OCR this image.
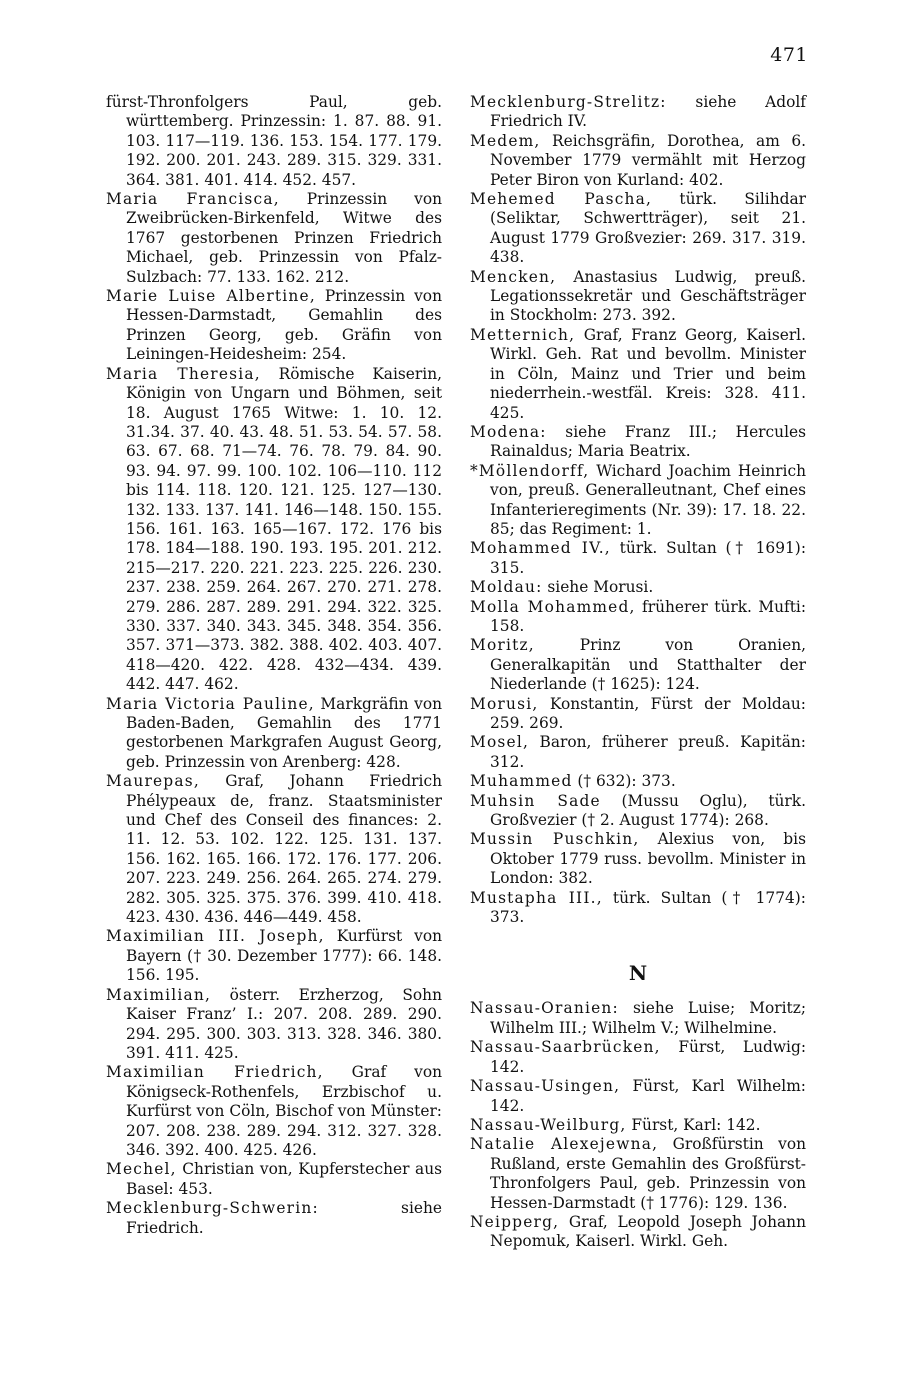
471

fürst-Thronfolgers Paul, geb. württemberg. Prinzessin: 1. 87. 88. 91. 103. 117—119. 136. 153. 154. 177. 179. 192. 200. 201. 243. 289. 315. 329. 331. 364. 381. 401. 414. 452. 457.

Maria Francisca, Prinzessin von Zweibrücken-Birkenfeld, Witwe des 1767 gestorbenen Prinzen Friedrich Michael, geb. Prinzessin von Pfalz-Sulzbach: 77. 133. 162. 212.

Marie Luise Albertine, Prinzessin von Hessen-Darmstadt, Gemahlin des Prinzen Georg, geb. Gräfin von Leiningen-Heidesheim: 254.

Maria Theresia, Römische Kaiserin, Königin von Ungarn und Böhmen, seit 18. August 1765 Witwe: 1. 10. 12. 31.34. 37. 40. 43. 48. 51. 53. 54. 57. 58. 63. 67. 68. 71—74. 76. 78. 79. 84. 90. 93. 94. 97. 99. 100. 102. 106—110. 112 bis 114. 118. 120. 121. 125. 127—130. 132. 133. 137. 141. 146—148. 150. 155. 156. 161. 163. 165—167. 172. 176 bis 178. 184—188. 190. 193. 195. 201. 212. 215—217. 220. 221. 223. 225. 226. 230. 237. 238. 259. 264. 267. 270. 271. 278. 279. 286. 287. 289. 291. 294. 322. 325. 330. 337. 340. 343. 345. 348. 354. 356. 357. 371—373. 382. 388. 402. 403. 407. 418—420. 422. 428. 432—434. 439. 442. 447. 462.

Maria Victoria Pauline, Markgräfin von Baden-Baden, Gemahlin des 1771 gestorbenen Markgrafen August Georg, geb. Prinzessin von Arenberg: 428.

Maurepas, Graf, Johann Friedrich Phélypeaux de, franz. Staatsminister und Chef des Conseil des finances: 2. 11. 12. 53. 102. 122. 125. 131. 137. 156. 162. 165. 166. 172. 176. 177. 206. 207. 223. 249. 256. 264. 265. 274. 279. 282. 305. 325. 375. 376. 399. 410. 418. 423. 430. 436. 446—449. 458.

Maximilian III. Joseph, Kurfürst von Bayern († 30. Dezember 1777): 66. 148. 156. 195.

Maximilian, österr. Erzherzog, Sohn Kaiser Franz’ I.: 207. 208. 289. 290. 294. 295. 300. 303. 313. 328. 346. 380. 391. 411. 425.

Maximilian Friedrich, Graf von Königseck-Rothenfels, Erzbischof u. Kurfürst von Cöln, Bischof von Münster: 207. 208. 238. 289. 294. 312. 327. 328. 346. 392. 400. 425. 426.

Mechel, Christian von, Kupferstecher aus Basel: 453.

Mecklenburg-Schwerin: siehe Friedrich.

Mecklenburg-Strelitz: siehe Adolf Friedrich IV.

Medem, Reichsgräfin, Dorothea, am 6. November 1779 vermählt mit Herzog Peter Biron von Kurland: 402.

Mehemed Pascha, türk. Silihdar (Seliktar, Schwertträger), seit 21. August 1779 Großvezier: 269. 317. 319. 438.

Mencken, Anastasius Ludwig, preuß. Legationssekretär und Geschäftsträger in Stockholm: 273. 392.

Metternich, Graf, Franz Georg, Kaiserl. Wirkl. Geh. Rat und bevollm. Minister in Cöln, Mainz und Trier und beim niederrhein.-westfäl. Kreis: 328. 411. 425.

Modena: siehe Franz III.; Hercules Rainaldus; Maria Beatrix.

*Möllendorff, Wichard Joachim Heinrich von, preuß. Generalleutnant, Chef eines Infanterieregiments (Nr. 39): 17. 18. 22. 85; das Regiment: 1.

Mohammed IV., türk. Sultan († 1691): 315.

Moldau: siehe Morusi.

Molla Mohammed, früherer türk. Mufti: 158.

Moritz, Prinz von Oranien, Generalkapitän und Statthalter der Niederlande († 1625): 124.

Morusi, Konstantin, Fürst der Moldau: 259. 269.

Mosel, Baron, früherer preuß. Kapitän: 312.

Muhammed († 632): 373.

Muhsin Sade (Mussu Oglu), türk. Großvezier († 2. August 1774): 268.

Mussin Puschkin, Alexius von, bis Oktober 1779 russ. bevollm. Minister in London: 382.

Mustapha III., türk. Sultan († 1774): 373.

N

Nassau-Oranien: siehe Luise; Moritz; Wilhelm III.; Wilhelm V.; Wilhelmine.

Nassau-Saarbrücken, Fürst, Ludwig: 142.

Nassau-Usingen, Fürst, Karl Wilhelm: 142.

Nassau-Weilburg, Fürst, Karl: 142.

Natalie Alexejewna, Großfürstin von Rußland, erste Gemahlin des Großfürst-Thronfolgers Paul, geb. Prinzessin von Hessen-Darmstadt († 1776): 129. 136.

Neipperg, Graf, Leopold Joseph Johann Nepomuk, Kaiserl. Wirkl. Geh.
